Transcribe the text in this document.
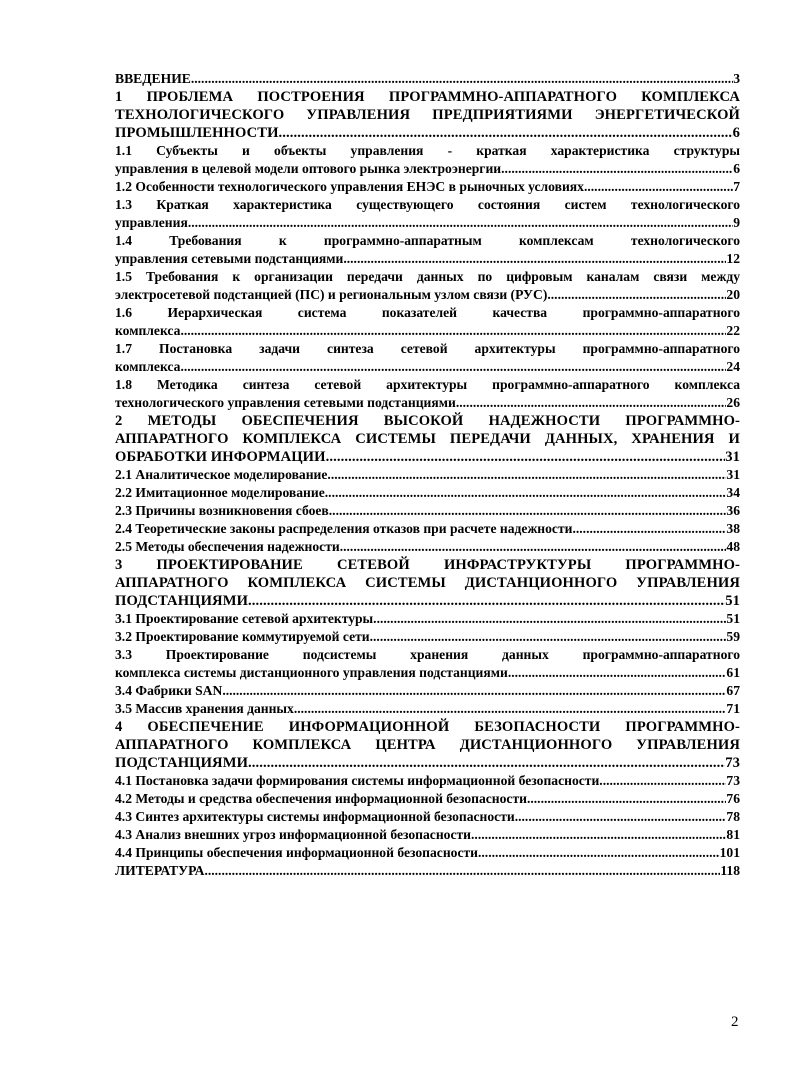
ВВЕДЕНИЕ .....	3
1 ПРОБЛЕМА ПОСТРОЕНИЯ ПРОГРАММНО-АППАРАТНОГО КОМПЛЕКСА
ТЕХНОЛОГИЧЕСКОГО УПРАВЛЕНИЯ ПРЕДПРИЯТИЯМИ ЭНЕРГЕТИЧЕСКОЙ
ПРОМЫШЛЕННОСТИ .....	6
1.1 Субъекты и объекты управления - краткая характеристика структуры
управления в целевой модели оптового рынка электроэнергии .....	6
1.2 Особенности технологического управления ЕНЭС в рыночных условиях .....	7
1.3 Краткая характеристика существующего состояния систем технологического
управления .....	9
1.4 Требования к программно-аппаратным комплексам технологического
управления сетевыми подстанциями .....	12
1.5 Требования к организации передачи данных по цифровым каналам связи между
электросетевой подстанцией (ПС) и региональным узлом связи (РУС) .....	20
1.6 Иерархическая система показателей качества программно-аппаратного
комплекса .....	22
1.7 Постановка задачи синтеза сетевой архитектуры программно-аппаратного
комплекса .....	24
1.8 Методика синтеза сетевой архитектуры программно-аппаратного комплекса
технологического управления сетевыми подстанциями .....	26
2 МЕТОДЫ ОБЕСПЕЧЕНИЯ ВЫСОКОЙ НАДЕЖНОСТИ ПРОГРАММНО-
АППАРАТНОГО КОМПЛЕКСА СИСТЕМЫ ПЕРЕДАЧИ ДАННЫХ, ХРАНЕНИЯ И
ОБРАБОТКИ ИНФОРМАЦИИ .....	31
2.1 Аналитическое моделирование .....	31
2.2 Имитационное моделирование .....	34
2.3 Причины возникновения сбоев .....	36
2.4 Теоретические законы распределения отказов при расчете надежности .....	38
2.5 Методы обеспечения надежности .....	48
3 ПРОЕКТИРОВАНИЕ СЕТЕВОЙ ИНФРАСТРУКТУРЫ ПРОГРАММНО-
АППАРАТНОГО КОМПЛЕКСА СИСТЕМЫ ДИСТАНЦИОННОГО УПРАВЛЕНИЯ
ПОДСТАНЦИЯМИ .....	51
3.1 Проектирование сетевой архитектуры .....	51
3.2 Проектирование коммутируемой сети .....	59
3.3 Проектирование подсистемы хранения данных программно-аппаратного
комплекса системы дистанционного управления подстанциями .....	61
3.4 Фабрики SAN .....	67
3.5 Массив хранения данных .....	71
4 ОБЕСПЕЧЕНИЕ ИНФОРМАЦИОННОЙ БЕЗОПАСНОСТИ ПРОГРАММНО-
АППАРАТНОГО КОМПЛЕКСА ЦЕНТРА ДИСТАНЦИОННОГО УПРАВЛЕНИЯ
ПОДСТАНЦИЯМИ .....	73
4.1 Постановка задачи формирования системы информационной безопасности .....	73
4.2 Методы и средства обеспечения информационной безопасности .....	76
4.3 Синтез архитектуры системы информационной безопасности .....	78
4.3 Анализ внешних угроз информационной безопасности .....	81
4.4 Принципы обеспечения информационной безопасности .....	101
ЛИТЕРАТУРА .....	118
2
